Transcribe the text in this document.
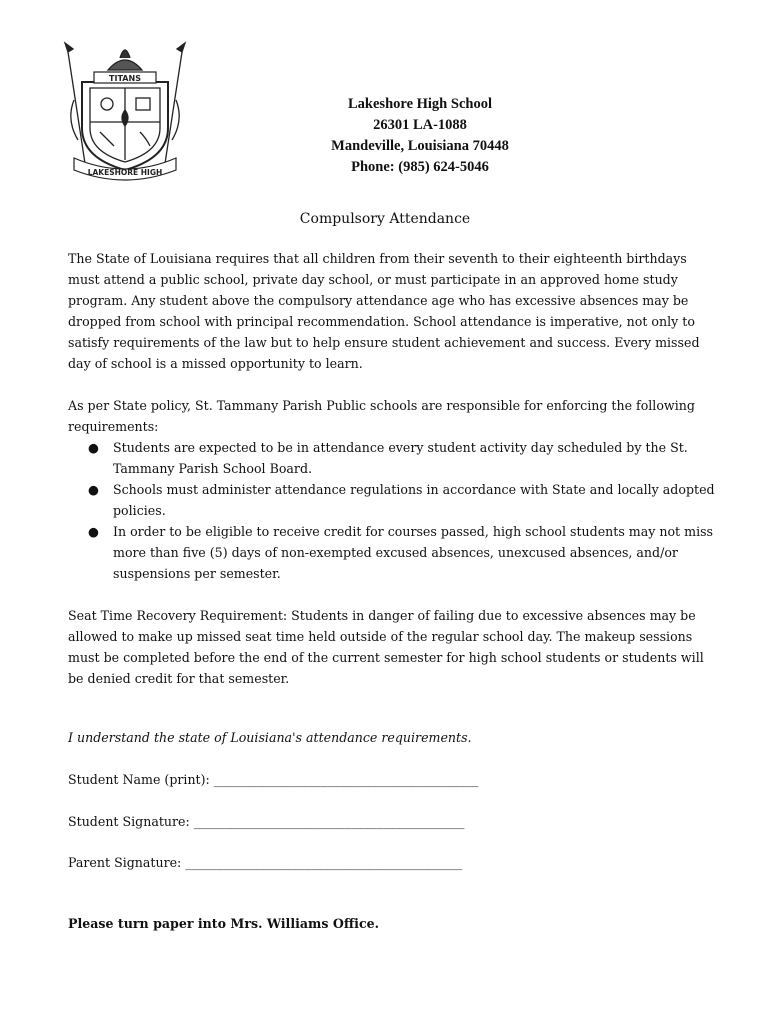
TITANS
LAKESHORE HIGH
Lakeshore High School
26301 LA-1088
Mandeville, Louisiana 70448
Phone: (985) 624-5046
Compulsory Attendance
The State of Louisiana requires that all children from their seventh to their eighteenth birthdays must attend a public school, private day school, or must participate in an approved home study program. Any student above the compulsory attendance age who has excessive absences may be dropped from school with principal recommendation. School attendance is imperative, not only to satisfy requirements of the law but to help ensure student achievement and success. Every missed day of school is a missed opportunity to learn.
As per State policy, St. Tammany Parish Public schools are responsible for enforcing the following requirements:
● Students are expected to be in attendance every student activity day scheduled by the St. Tammany Parish School Board.
● Schools must administer attendance regulations in accordance with State and locally adopted policies.
● In order to be eligible to receive credit for courses passed, high school students may not miss more than five (5) days of non-exempted excused absences, unexcused absences, and/or suspensions per semester.
Seat Time Recovery Requirement: Students in danger of failing due to excessive absences may be allowed to make up missed seat time held outside of the regular school day. The makeup sessions must be completed before the end of the current semester for high school students or students will be denied credit for that semester.
I understand the state of Louisiana's attendance requirements.
Student Name (print): __________________________________________
Student Signature: ___________________________________________
Parent Signature: ____________________________________________
Please turn paper into Mrs. Williams Office.
